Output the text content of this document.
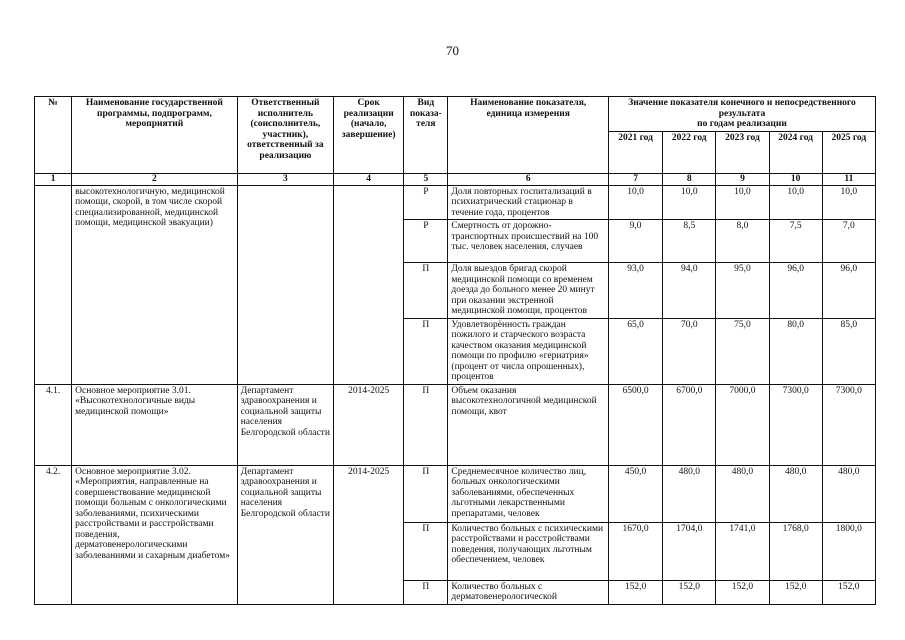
70
№	Наименование государственной программы, подпрограмм, мероприятий	Ответственный исполнитель (соисполнитель, участник), ответственный за реализацию	Срок реализации (начало, завершение)	Вид показа-теля	Наименование показателя, единица измерения	Значение показателя конечного и непосредственного результата
по годам реализации				

						2021 год	2022 год	2023 год	2024 год	2025 год
1	2	3	4	5	6	7	8	9	10	11
	высокотехнологичную, медицинской помощи, скорой, в том числе скорой специализированной, медицинской помощи, медицинской эвакуации)			Р	Доля повторных госпитализаций в психиатрический стационар в течение года, процентов	10,0	10,0	10,0	10,0	10,0
				Р	Смертность от дорожно-транспортных происшествий на 100 тыс. человек населения, случаев	9,0	8,5	8,0	7,5	7,0
				П	Доля выездов бригад скорой медицинской помощи со временем доезда до больного менее 20 минут при оказании экстренной медицинской помощи, процентов	93,0	94,0	95,0	96,0	96,0
				П	Удовлетворённость граждан пожилого и старческого возраста качеством оказания медицинской помощи по профилю «гериатрия» (процент от числа опрошенных), процентов	65,0	70,0	75,0	80,0	85,0
4.1.	Основное мероприятие 3.01. «Высокотехнологичные виды медицинской помощи»	Департамент здравоохранения и социальной защиты населения Белгородской области	2014-2025	П	Объем оказания высокотехнологичной медицинской помощи, квот	6500,0	6700,0	7000,0	7300,0	7300,0
4.2.	Основное мероприятие 3.02. «Мероприятия, направленные на совершенствование медицинской помощи больным с онкологическими заболеваниями, психическими расстройствами и расстройствами поведения, дерматовенерологическими заболеваниями и сахарным диабетом»	Департамент здравоохранения и социальной защиты населения Белгородской области	2014-2025	П	Среднемесячное количество лиц, больных онкологическими заболеваниями, обеспеченных льготными лекарственными препаратами, человек	450,0	480,0	480,0	480,0	480,0
				П	Количество больных с психическими расстройствами и расстройствами поведения, получающих льготным обеспечением, человек	1670,0	1704,0	1741,0	1768,0	1800,0
				П	Количество больных с дерматовенерологической	152,0	152,0	152,0	152,0	152,0
